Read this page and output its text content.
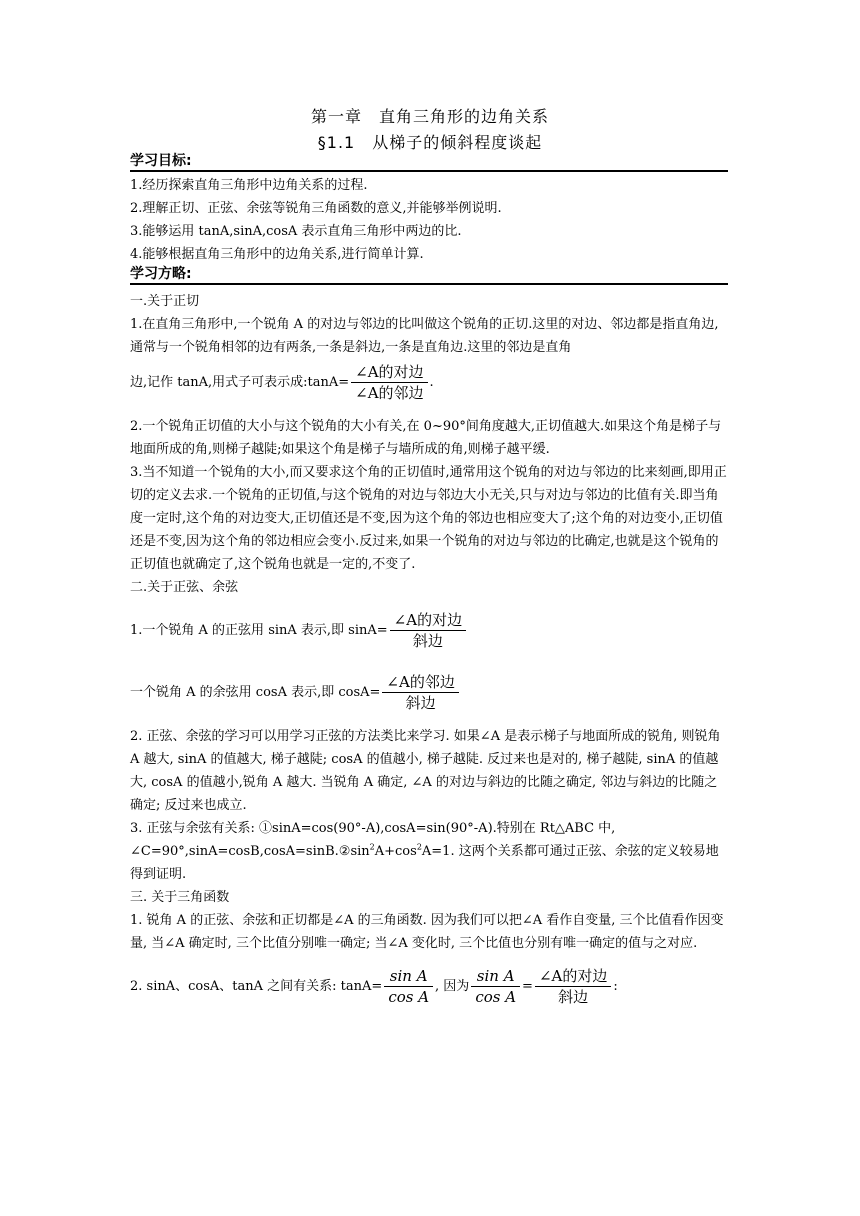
第一章　直角三角形的边角关系
§1.1　从梯子的倾斜程度谈起
学习目标:

1.经历探索直角三角形中边角关系的过程.

2.理解正切、正弦、余弦等锐角三角函数的意义,并能够举例说明.

3.能够运用 tanA,sinA,cosA 表示直角三角形中两边的比.

4.能够根据直角三角形中的边角关系,进行简单计算.

一.关于正切

1.在直角三角形中,一个锐角 A 的对边与邻边的比叫做这个锐角的正切.这里的对边、邻边都是指直角边,通常与一个锐角相邻的边有两条,一条是斜边,一条是直角边.这里的邻边是直角

边,记作 tanA,用式子可表示成:tanA= $\frac{\text{∠A的对边}}{\text{∠A的邻边}}$ .

2.一个锐角正切值的大小与这个锐角的大小有关,在 0~90°间角度越大,正切值越大.如果这个角是梯子与地面所成的角,则梯子越陡;如果这个角是梯子与墙所成的角,则梯子越平缓.

3.当不知道一个锐角的大小,而又要求这个角的正切值时,通常用这个锐角的对边与邻边的比来刻画,即用正切的定义去求.一个锐角的正切值,与这个锐角的对边与邻边大小无关,只与对边与邻边的比值有关.即当角度一定时,这个角的对边变大,正切值还是不变,因为这个角的邻边也相应变大了;这个角的对边变小,正切值还是不变,因为这个角的邻边相应会变小.反过来,如果一个锐角的对边与邻边的比确定,也就是这个锐角的正切值也就确定了,这个锐角也就是一定的,不变了.

二.关于正弦、余弦

1.一个锐角 A 的正弦用 sinA 表示,即 $\sin A= \frac{\text{∠A的对边}}{\text{斜边}}$

一个锐角 A 的余弦用 cosA 表示,即 $\cos A= \frac{\text{∠A的邻边}}{\text{斜边}}$

2. 正弦、余弦的学习可以用学习正弦的方法类比来学习. 如果∠A 是表示梯子与地面所成的锐角, 则锐角 A 越大, sinA 的值越大, 梯子越陡; cosA 的值越小, 梯子越陡. 反过来也是对的, 梯子越陡, sinA 的值越大, cosA 的值越小,锐角 A 越大. 当锐角 A 确定, ∠A 的对边与斜边的比随之确定, 邻边与斜边的比随之确定; 反过来也成立.

3. 正弦与余弦有关系: ①sinA=cos(90°-A),cosA=sin(90°-A).特别在 Rt△ABC 中, $\angle C=90^\circ,\sin A=\cos B,\cos A=\sin B.②\sin^2A+\cos^2A=1$. 这两个关系都可通过正弦、余弦的定义较易地得到证明.

三. 关于三角函数

1. 锐角 A 的正弦、余弦和正切都是∠A 的三角函数. 因为我们可以把∠A 看作自变量, 三个比值看作因变量, 当∠A 确定时, 三个比值分别唯一确定; 当∠A 变化时, 三个比值也分别有唯一确定的值与之对应.

2. sinA、cosA、tanA 之间有关系: $\tan A= \frac{\text{sin A}}{\text{cos A}}$ , 因为 $\frac{\text{sin A}}{\text{cos A}} = \frac{\text{∠A的对边}}{\text{斜边}}$ :

学习方略:
